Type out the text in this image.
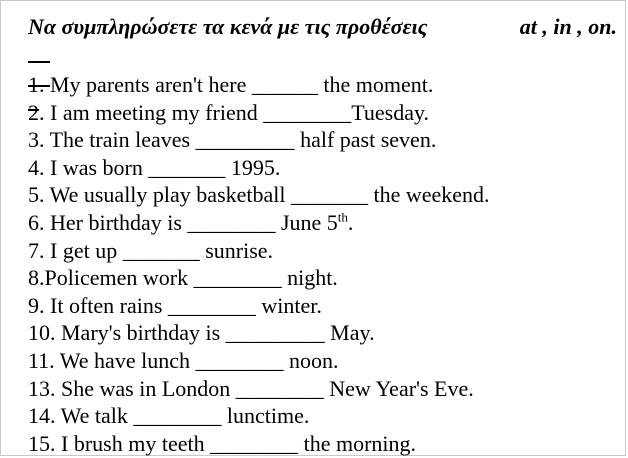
Να συμπληρώσετε τα κενά με τις προθέσεις

	at , in , on.

1. My parents aren't here ______ the moment.
2. I am meeting my friend ________Tuesday.
3. The train leaves _________ half past seven.
4. I was born _______ 1995.
5. We usually play basketball _______ the weekend.
6. Her birthday is ________ June 5th.
7. I get up _______ sunrise.
8.Policemen work ________ night.
9. It often rains ________ winter.
10. Mary's birthday is _________ May.
11. We have lunch ________ noon.
13. She was in London ________ New Year's Eve.
14. We talk ________ lunctime.
15. I brush my teeth ________ the morning.
